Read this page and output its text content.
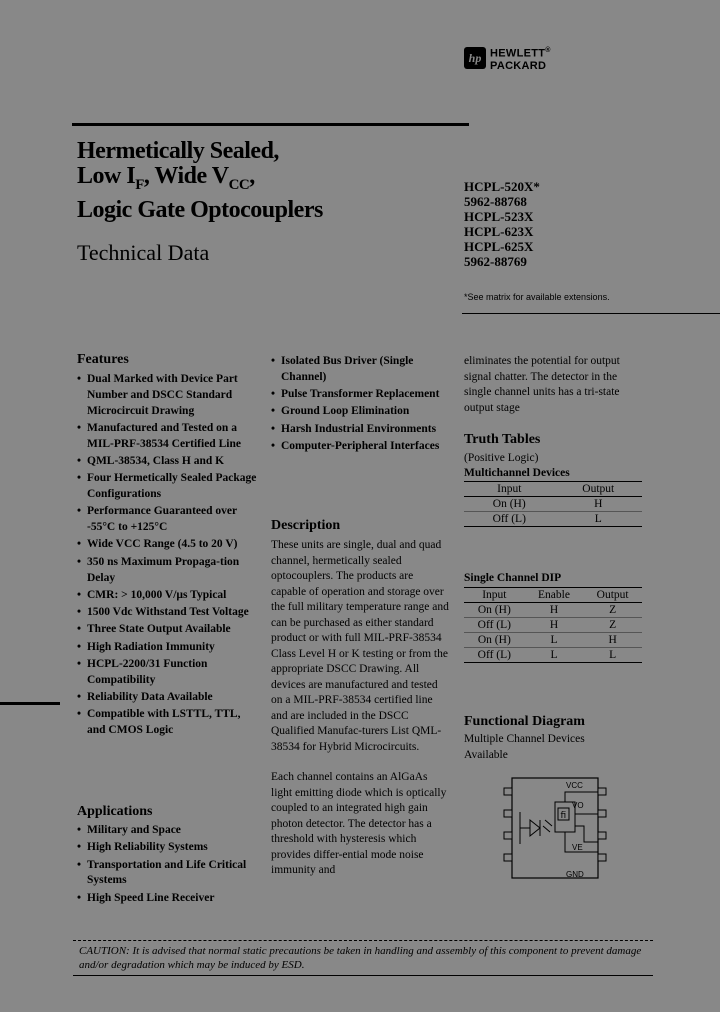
hp HEWLETT®
PACKARD
Hermetically Sealed,
Low $I_F$, Wide $V_{CC}$,
Logic Gate Optocouplers
Technical Data
HCPL-520X*
5962-88768
HCPL-523X
HCPL-623X
HCPL-625X
5962-88769
*See matrix for available extensions.
Features
• Dual Marked with Device Part Number and DSCC Standard Microcircuit Drawing
• Manufactured and Tested on a MIL-PRF-38534 Certified Line
• QML-38534, Class H and K
• Four Hermetically Sealed Package Configurations
• Performance Guaranteed over -55°C to +125°C
• Wide VCC Range (4.5 to 20 V)
• 350 ns Maximum Propaga-tion Delay
• CMR: > 10,000 V/µs Typical
• 1500 Vdc Withstand Test Voltage
• Three State Output Available
• High Radiation Immunity
• HCPL-2200/31 Function Compatibility
• Reliability Data Available
• Compatible with LSTTL, TTL, and CMOS Logic
Applications
• Military and Space
• High Reliability Systems
• Transportation and Life Critical Systems
• High Speed Line Receiver
• Isolated Bus Driver (Single Channel)
• Pulse Transformer Replacement
• Ground Loop Elimination
• Harsh Industrial Environments
• Computer-Peripheral Interfaces
Description
These units are single, dual and quad channel, hermetically sealed optocouplers. The products are capable of operation and storage over the full military temperature range and can be purchased as either standard product or with full MIL-PRF-38534 Class Level H or K testing or from the appropriate DSCC Drawing. All devices are manufactured and tested on a MIL-PRF-38534 certified line and are included in the DSCC Qualified Manufac-turers List QML-38534 for Hybrid Microcircuits.
Each channel contains an AlGaAs light emitting diode which is optically coupled to an integrated high gain photon detector. The detector has a threshold with hysteresis which provides differ-ential mode noise immunity and
eliminates the potential for output signal chatter. The detector in the single channel units has a tri-state output stage
Truth Tables
(Positive Logic)
Multichannel Devices
Input	Output
On (H)	H
Off (L)	L
Single Channel DIP
Input	Enable	Output
On (H)	H	Z
Off (L)	H	Z
On (H)	L	H
Off (L)	L	L
Functional Diagram
Multiple Channel Devices Available
fi
VCC
VO
VE
GND
CAUTION: It is advised that normal static precautions be taken in handling and assembly of this component to prevent damage and/or degradation which may be induced by ESD.
